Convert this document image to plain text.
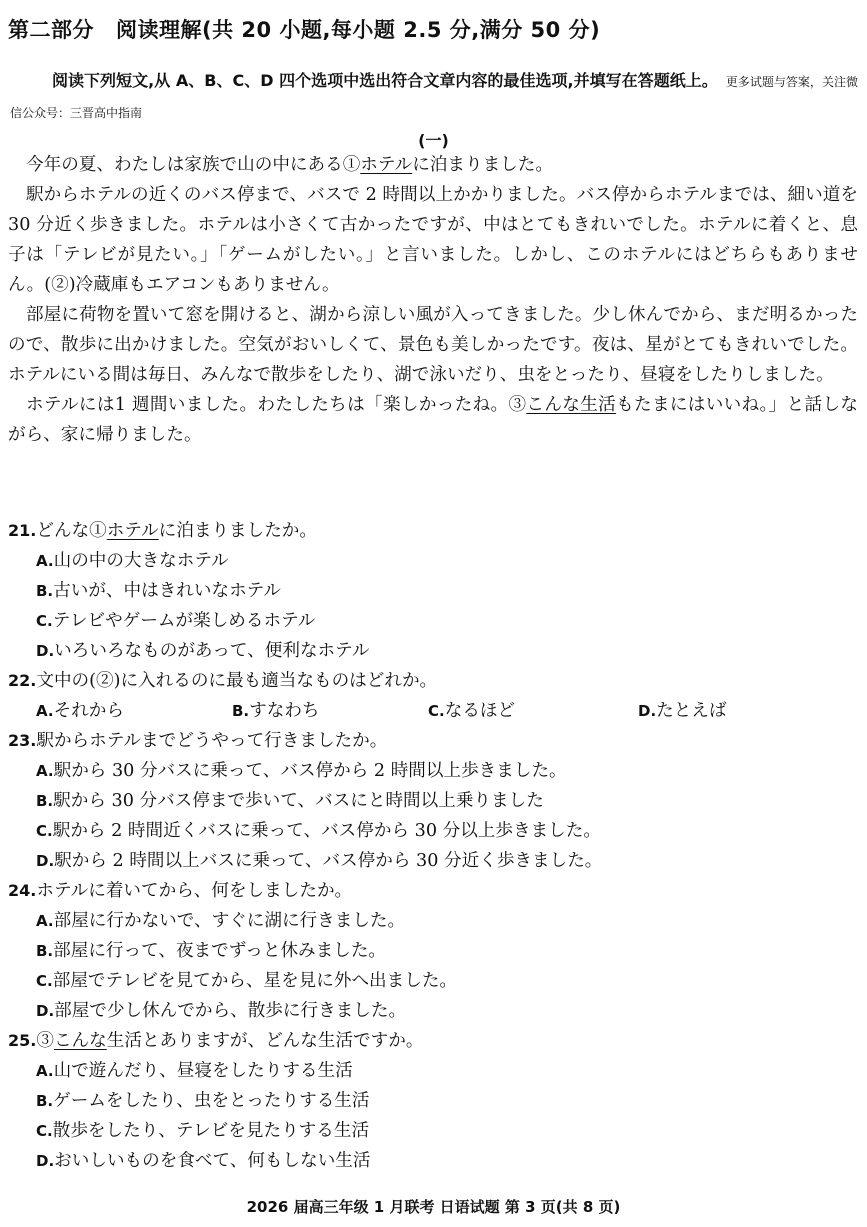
第二部分 阅读理解(共 20 小题,每小题 2.5 分,满分 50 分)
阅读下列短文,从 A、B、C、D 四个选项中选出符合文章内容的最佳选项,并填写在答题纸上。 更多试题与答案，关注微信公众号：三晋高中指南
(一)

今年の夏、わたしは家族で山の中にある①ホテルに泊まりました。

駅からホテルの近くのバス停まで、バスで 2 時間以上かかりました。バス停からホテルまでは、細い道を30 分近く歩きました。ホテルは小さくて古かったですが、中はとてもきれいでした。ホテルに着くと、息子は「テレビが見たい。」「ゲームがしたい。」と言いました。しかし、このホテルにはどちらもありません。(②)冷蔵庫もエアコンもありません。

部屋に荷物を置いて窓を開けると、湖から涼しい風が入ってきました。少し休んでから、まだ明るかったので、散歩に出かけました。空気がおいしくて、景色も美しかったです。夜は、星がとてもきれいでした。ホテルにいる間は毎日、みんなで散歩をしたり、湖で泳いだり、虫をとったり、昼寝をしたりしました。

ホテルには1 週間いました。わたしたちは「楽しかったね。③こんな生活もたまにはいいね。」と話しながら、家に帰りました。

21.どんな①ホテルに泊まりましたか。
A.山の中の大きなホテル
B.古いが、中はきれいなホテル
C.テレビやゲームが楽しめるホテル
D.いろいろなものがあって、便利なホテル
22.文中の(②)に入れるのに最も適当なものはどれか。
A.それから	B.すなわち	C.なるほど	D.たとえば
23.駅からホテルまでどうやって行きましたか。
A.駅から 30 分バスに乗って、バス停から 2 時間以上歩きました。
B.駅から 30 分バス停まで歩いて、バスにと時間以上乗りました
C.駅から 2 時間近くバスに乗って、バス停から 30 分以上歩きました。
D.駅から 2 時間以上バスに乗って、バス停から 30 分近く歩きました。
24.ホテルに着いてから、何をしましたか。
A.部屋に行かないで、すぐに湖に行きました。
B.部屋に行って、夜までずっと休みました。
C.部屋でテレビを見てから、星を見に外へ出ました。
D.部屋で少し休んでから、散歩に行きました。
25.③こんな生活とありますが、どんな生活ですか。
A.山で遊んだり、昼寝をしたりする生活
B.ゲームをしたり、虫をとったりする生活
C.散歩をしたり、テレビを見たりする生活
D.おいしいものを食べて、何もしない生活
2026 届高三年级 1 月联考 日语试题 第 3 页(共 8 页)
